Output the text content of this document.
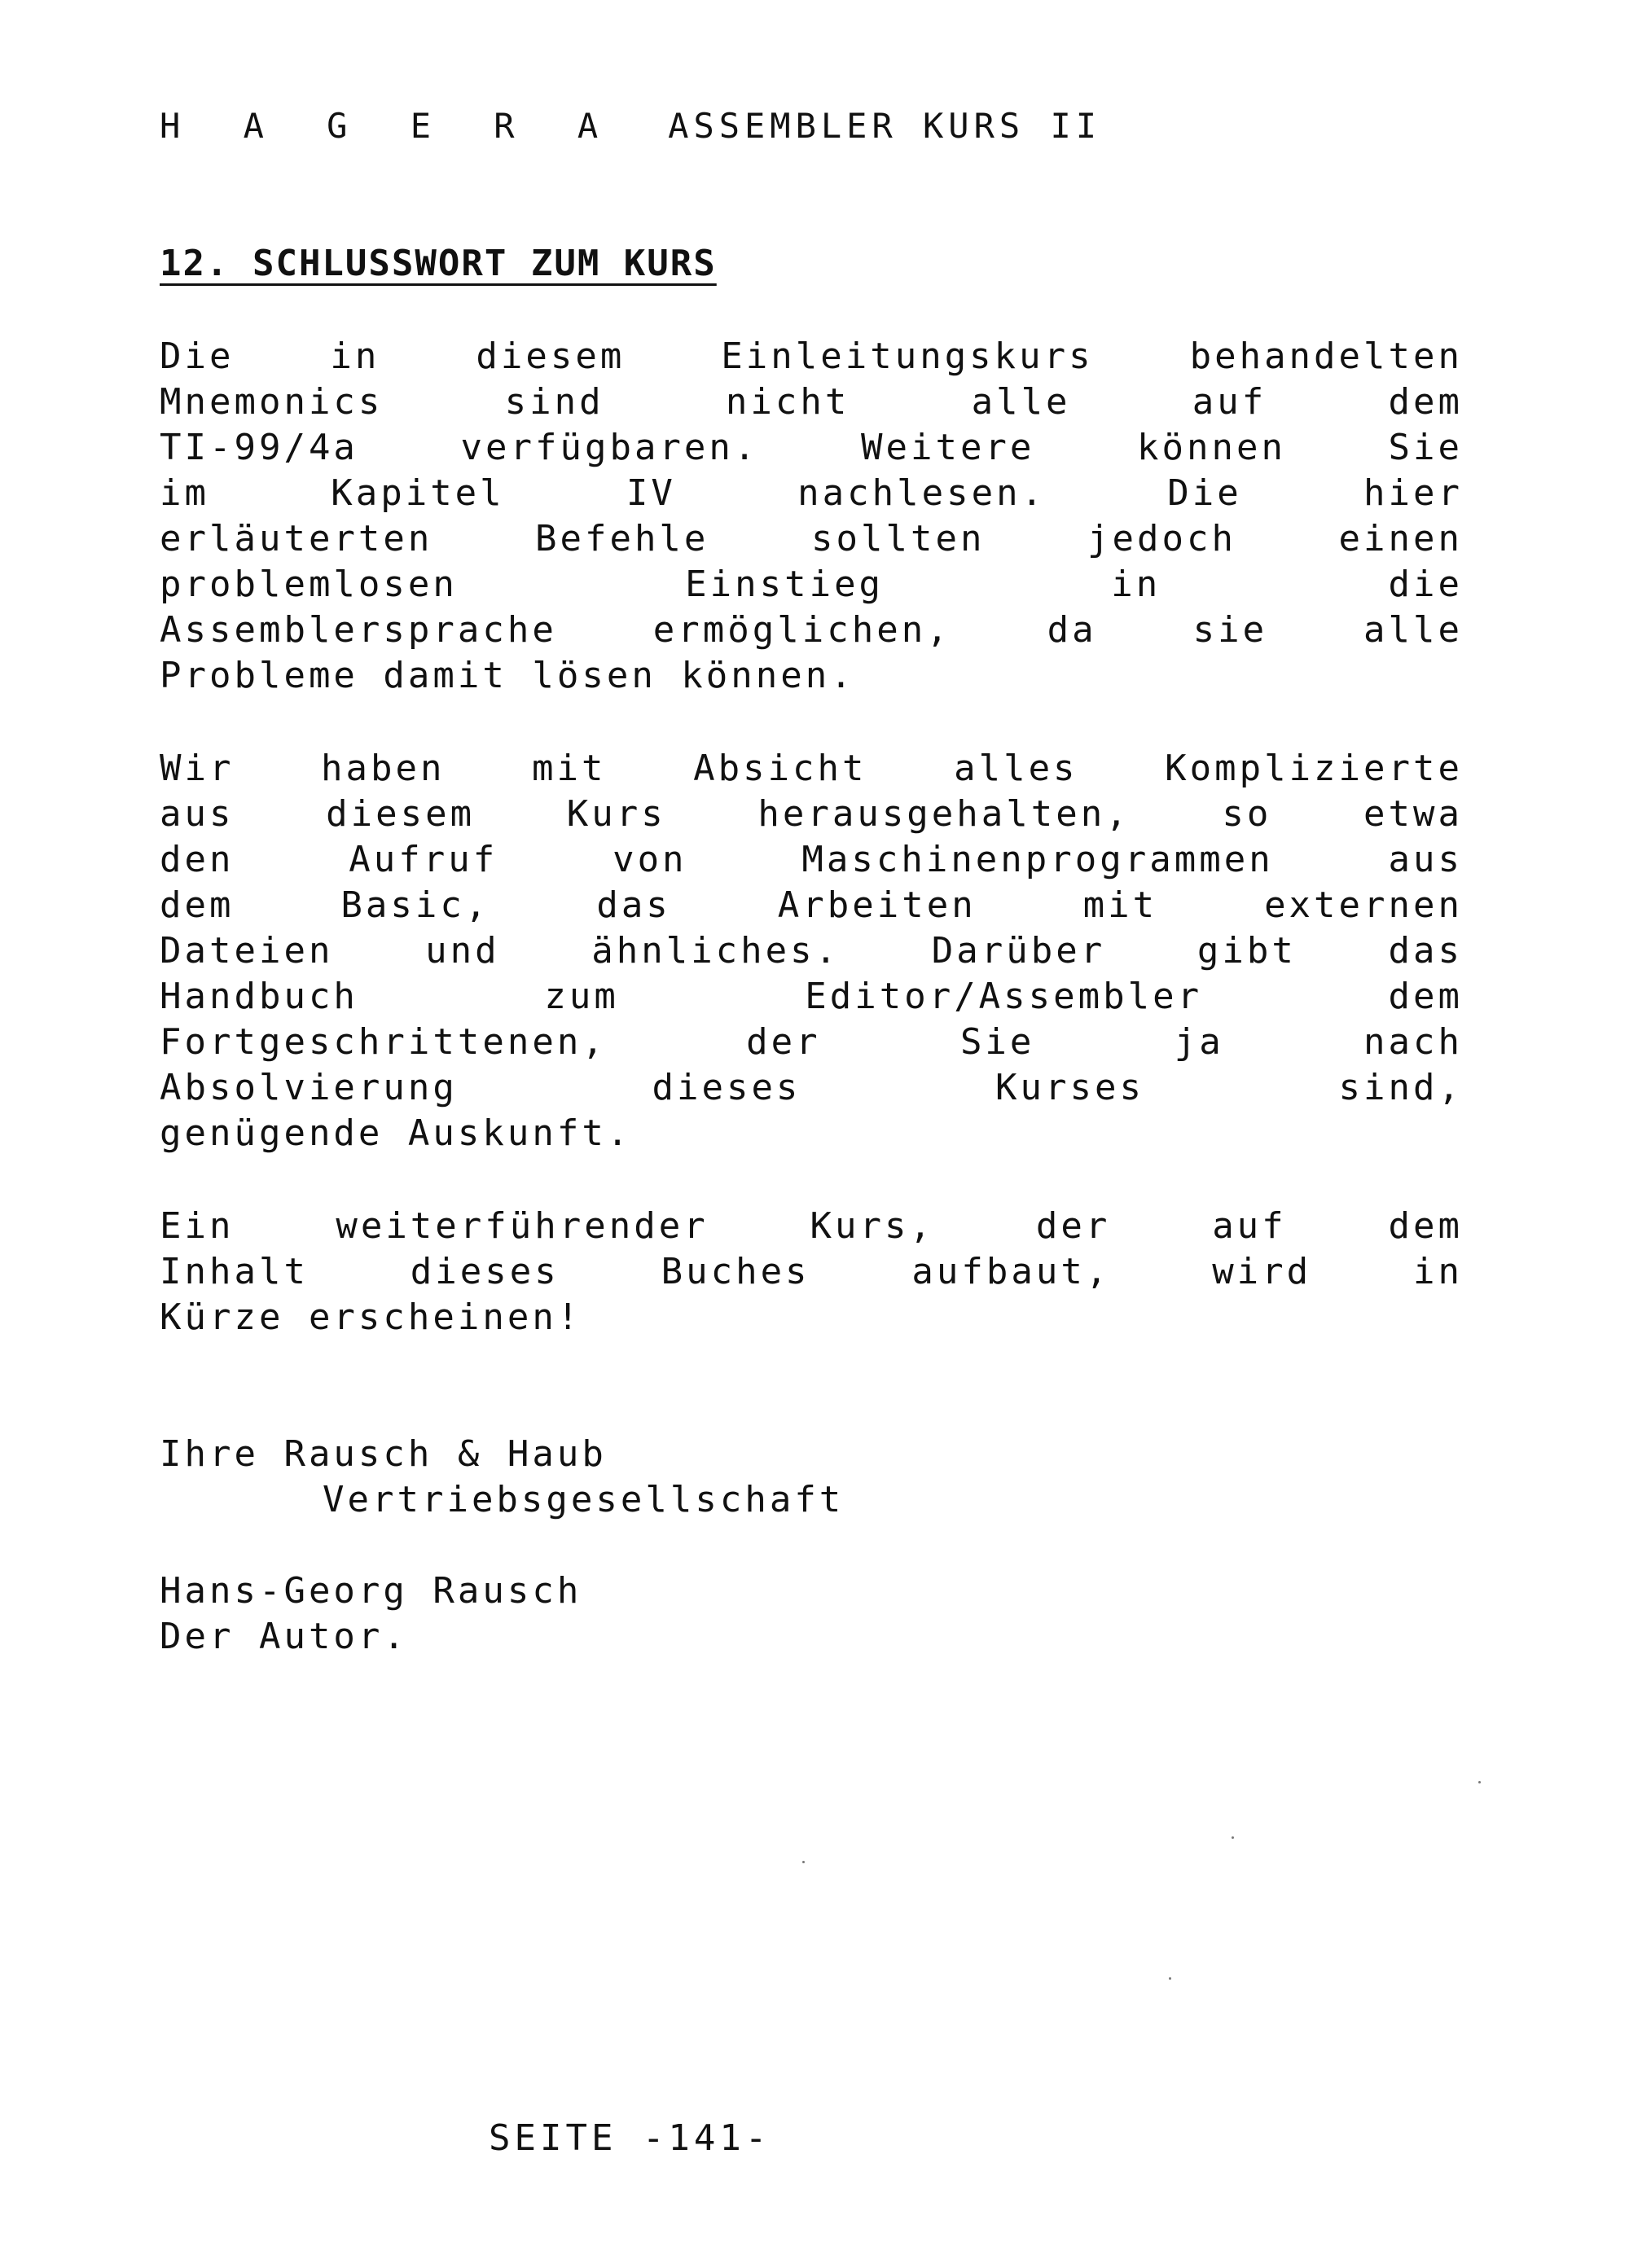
H A G E R A ASSEMBLER KURS II
12. SCHLUSSWORT ZUM KURS
Die in diesem Einleitungskurs behandelten
Mnemonics sind nicht alle auf dem
TI-99/4a verfügbaren. Weitere können Sie
im Kapitel IV nachlesen. Die hier
erläuterten Befehle sollten jedoch einen
problemlosen Einstieg in die
Assemblersprache ermöglichen, da sie alle
Probleme damit lösen können.
Wir haben mit Absicht alles Komplizierte
aus diesem Kurs herausgehalten, so etwa
den Aufruf von Maschinenprogrammen aus
dem Basic, das Arbeiten mit externen
Dateien und ähnliches. Darüber gibt das
Handbuch zum Editor/Assembler dem
Fortgeschrittenen, der Sie ja nach
Absolvierung dieses Kurses sind,
genügende Auskunft.
Ein weiterführender Kurs, der auf dem
Inhalt dieses Buches aufbaut, wird in
Kürze erscheinen!
Ihre Rausch & Haub
Vertriebsgesellschaft
Hans-Georg Rausch
Der Autor.
SEITE -141-
